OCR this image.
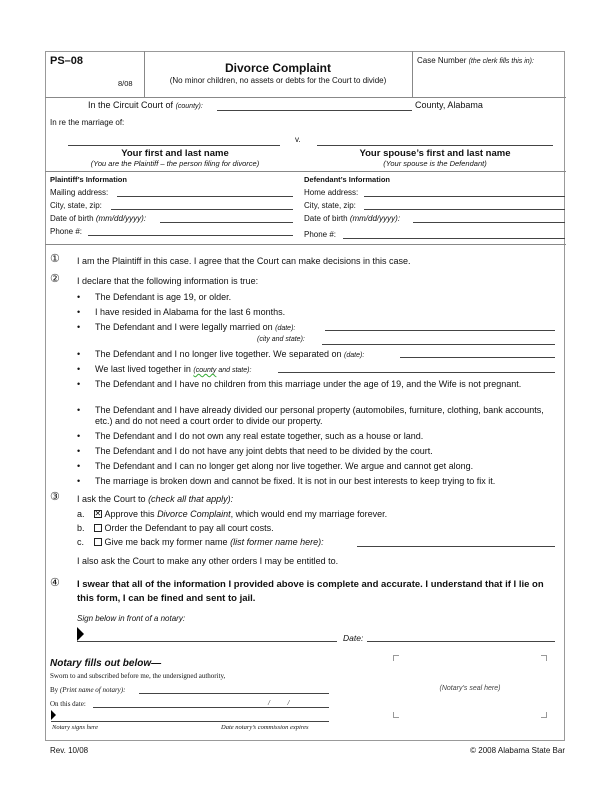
PS–08
8/08
Divorce Complaint
(No minor children, no assets or debts for the Court to divide)
Case Number (the clerk fills this in):
In the Circuit Court of (county):	County, Alabama
In re the marriage of:
v.
Your first and last name
(You are the Plaintiff – the person filing for divorce)
Your spouse’s first and last name
(Your spouse is the Defendant)
Plaintiff’s Information
Mailing address:
City, state, zip:
Date of birth (mm/dd/yyyy):
Phone #:
Defendant’s Information
Home address:
City, state, zip:
Date of birth (mm/dd/yyyy):
Phone #:
① I am the Plaintiff in this case. I agree that the Court can make decisions in this case.
② I declare that the following information is true:
• The Defendant is age 19, or older.
• I have resided in Alabama for the last 6 months.
• The Defendant and I were legally married on (date):
(city and state):
• The Defendant and I no longer live together. We separated on (date):
• We last lived together in (county and state):
• The Defendant and I have no children from this marriage under the age of 19, and the Wife is not pregnant.
• The Defendant and I have already divided our personal property (automobiles, furniture, clothing, bank accounts, etc.) and do not need a court order to divide our property.
• The Defendant and I do not own any real estate together, such as a house or land.
• The Defendant and I do not have any joint debts that need to be divided by the court.
• The Defendant and I can no longer get along nor live together. We argue and cannot get along.
• The marriage is broken down and cannot be fixed. It is not in our best interests to keep trying to fix it.
③ I ask the Court to (check all that apply):
a. ✕ Approve this Divorce Complaint, which would end my marriage forever.
b. Order the Defendant to pay all court costs.
c. Give me back my former name (list former name here):
I also ask the Court to make any other orders I may be entitled to.
④ I swear that all of the information I provided above is complete and accurate. I understand that if I lie on this form, I can be fined and sent to jail.
Sign below in front of a notary:
Date:
Notary fills out below—
Sworn to and subscribed before me, the undersigned authority,
By (Print name of notary):
On this date:	/          /
Notary signs here	Date notary’s commission expires
(Notary’s seal here)
Rev. 10/08	© 2008 Alabama State Bar
